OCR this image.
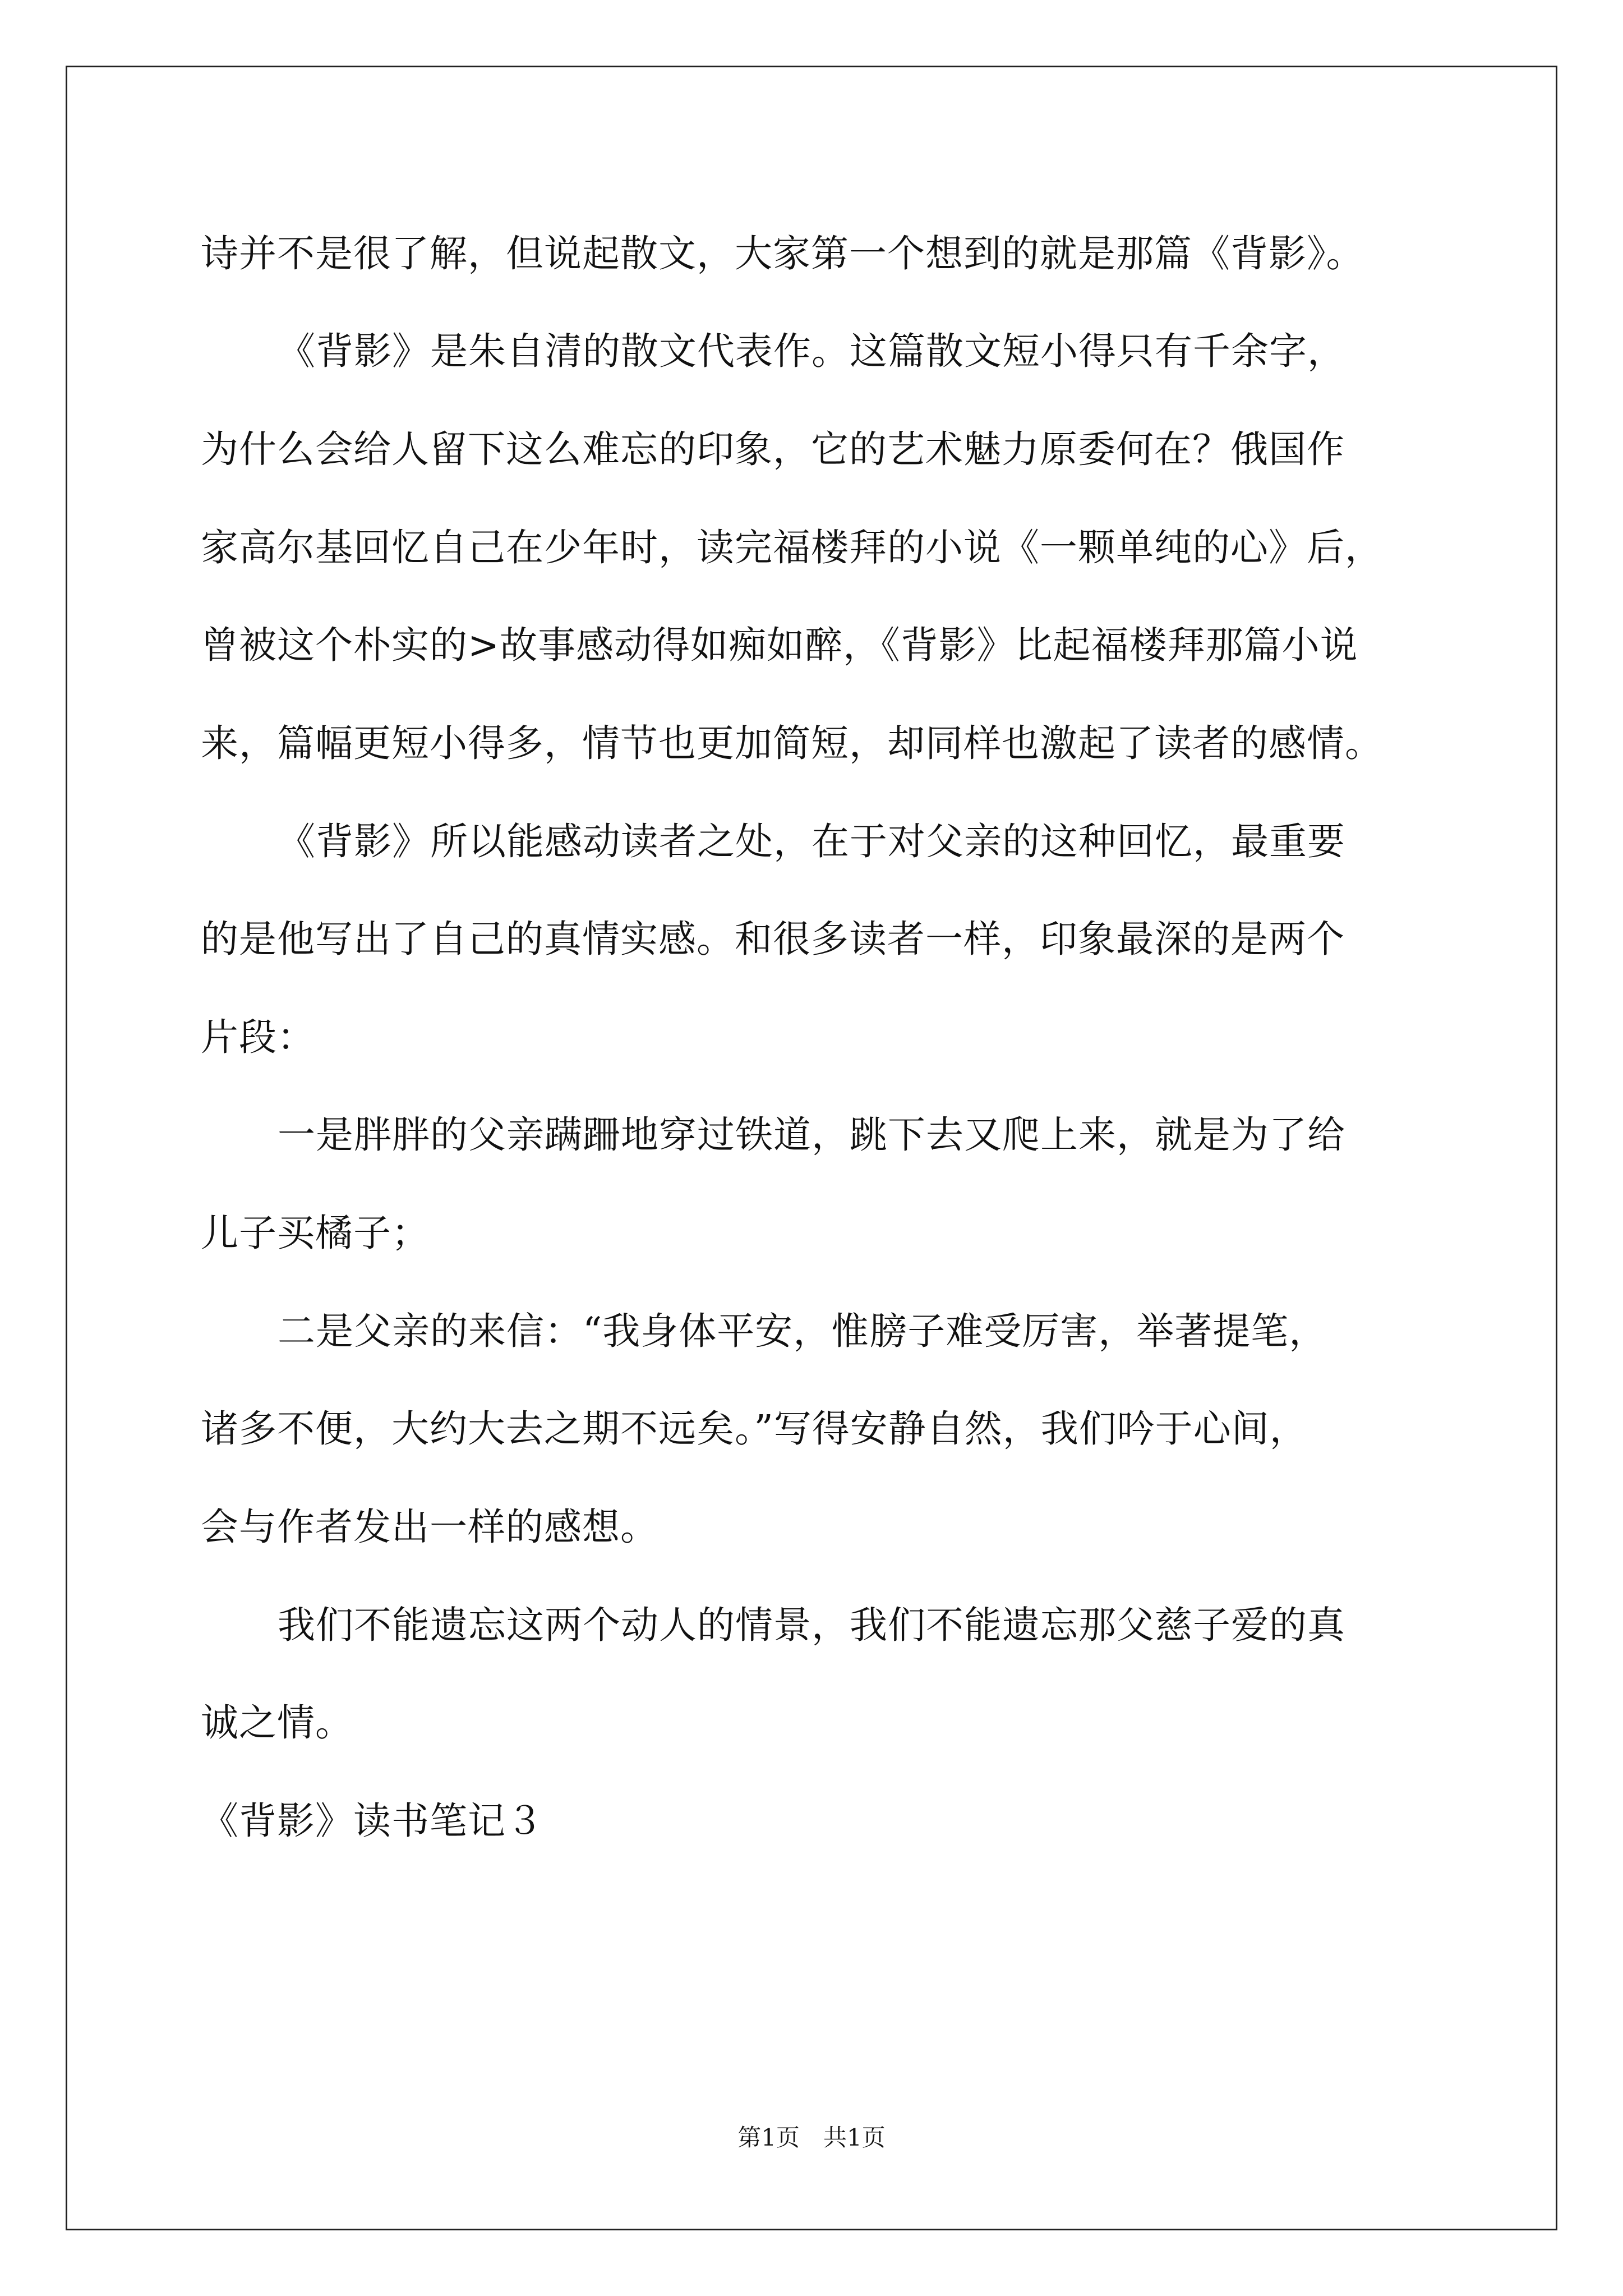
诗并不是很了解，但说起散文，大家第一个想到的就是那篇《背影》。
《背影》是朱自清的散文代表作。这篇散文短小得只有千余字，
为什么会给人留下这么难忘的印象，它的艺术魅力原委何在？俄国作
家高尔基回忆自己在少年时，读完福楼拜的小说《一颗单纯的心》后，
曾被这个朴实的>故事感动得如痴如醉，《背影》比起福楼拜那篇小说
来，篇幅更短小得多，情节也更加简短，却同样也激起了读者的感情。
《背影》所以能感动读者之处，在于对父亲的这种回忆，最重要
的是他写出了自己的真情实感。和很多读者一样，印象最深的是两个
片段：
一是胖胖的父亲蹒跚地穿过铁道，跳下去又爬上来，就是为了给
儿子买橘子；
二是父亲的来信：“我身体平安，惟膀子难受厉害，举著提笔，
诸多不便，大约大去之期不远矣。”写得安静自然，我们吟于心间，
会与作者发出一样的感想。
我们不能遗忘这两个动人的情景，我们不能遗忘那父慈子爱的真
诚之情。
《背影》读书笔记３
第1页　共1页
